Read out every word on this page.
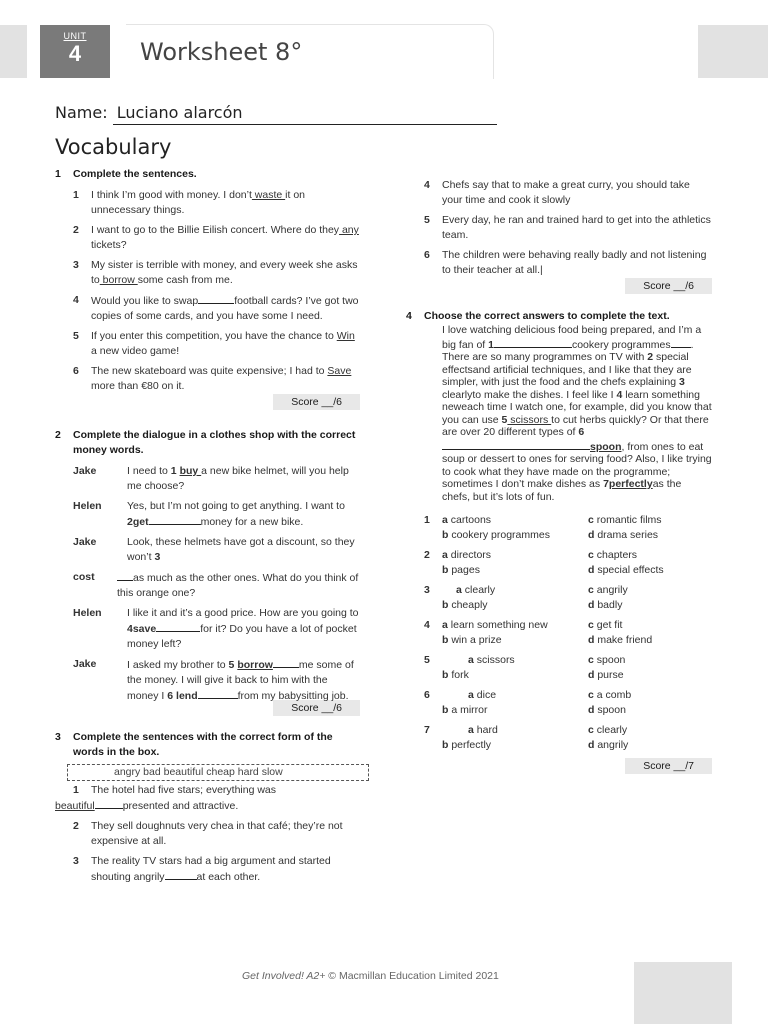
UNIT
4	Worksheet 8°
Name: Luciano alarcón
Vocabulary
1 Complete the sentences.
1 I think I’m good with money. I don’t waste it on unnecessary things.
2 I want to go to the Billie Eilish concert. Where do they any tickets?
3 My sister is terrible with money, and every week she asks to borrow some cash from me.
4 Would you like to swap	football cards? I’ve got two copies of some cards, and you have some I need.
5 If you enter this competition, you have the chance to Win a new video game!
6 The new skateboard was quite expensive; I had to Save more than €80 on it.
Score __/6
2 Complete the dialogue in a clothes shop with the correct money words.
Jake	I need to 1 buy a new bike helmet, will you help me choose?
Helen Yes, but I’m not going to get anything. I want to 2get	money for a new bike.
Jake	Look, these helmets have got a discount, so they won’t 3
cost	as much as the other ones. What do you think of this orange one?
Helen I like it and it’s a good price. How are you going to 4save	for it? Do you have a lot of pocket money left?
Jake	I asked my brother to 5 borrow me some of the money. I will give it back to him with the money I 6 lend	from my babysitting job.
Score __/6
3 Complete the sentences with the correct form of the words in the box.
angry bad beautiful cheap hard slow
1 The hotel had five stars; everything was
beautiful	presented and attractive.
2 They sell doughnuts very chea in that café; they’re not expensive at all.
3 The reality TV stars had a big argument and started shouting angrily	at each other.
4 Chefs say that to make a great curry, you should take your time and cook it slowly
5 Every day, he ran and trained hard to get into the athletics team.
6 The children were behaving really badly and not listening to their teacher at all.|
Score __/6
4 Choose the correct answers to complete the text.
I love watching delicious food being prepared, and I’m a big fan of 1	cookery programmes . There are so many programmes on TV with 2 special effectsand artificial techniques, and I like that they are simpler, with just the food and the chefs explaining 3 clearlyto make the dishes. I feel like I 4 learn something neweach time I watch one, for example, did you know that you can use 5 scissors to cut herbs quickly? Or that there are over 20 different types of 6 spoon, from ones to eat soup or dessert to ones for serving food? Also, I like trying to cook what they have made on the programme; sometimes I don’t make dishes as 7perfectlyas the chefs, but it’s lots of fun.
1 a cartoons
b cookery programmes
c romantic films
d drama series
2 a directors
b pages
c chapters
d special effects
3 a clearly
b cheaply
c angrily
d badly
4 a learn something new
b win a prize
c get fit
d make friend
5	a scissors
b fork
c spoon
d purse
6	a dice
b a mirror
c a comb
d spoon
7	a hard
b perfectly
c clearly
d angrily
Score __/7
Get Involved! A2+ © Macmillan Education Limited 2021
